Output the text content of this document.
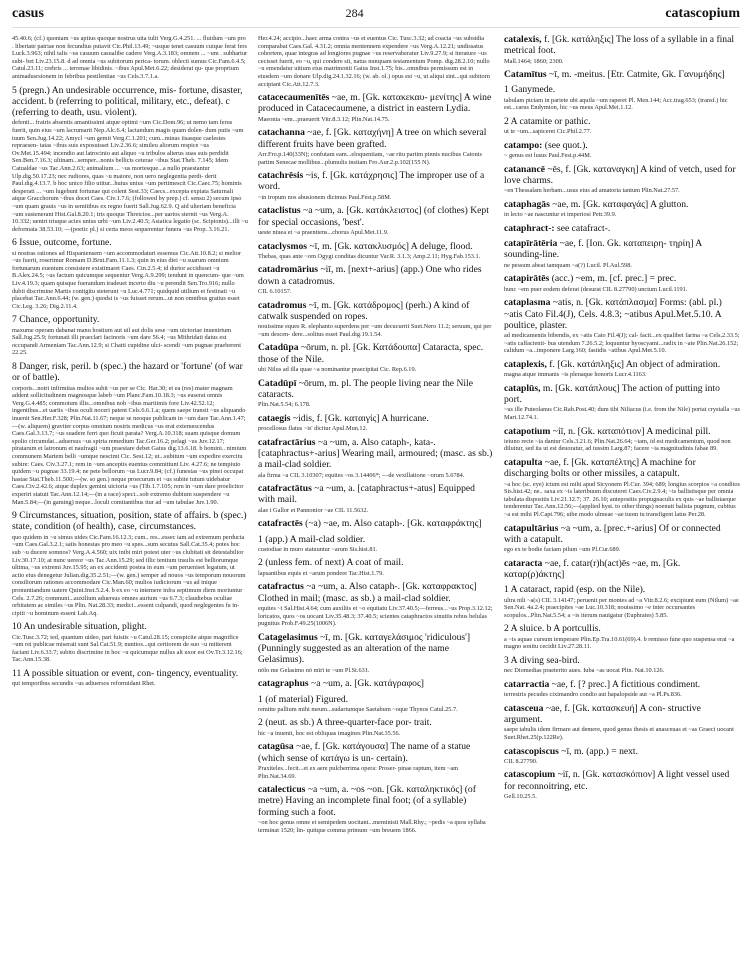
casus	284	catascopium
45.40.6; (cf.) quoniam ~us aptius quoque nostrus uita tulit Verg.G.4.251. ... fluidum ~um pro . libertate patriae non fecundius putavit Cic.Phil.13.49; ~usque tenet casuum cuique ferat fers Luck.3.963; nihil talis ~us casuum casualibe cadere Verg.A.3.183; omnem ... ~um . subhartur subi- bet Liv.23.15.8. d ad omnia ~us subitorum perica- torum. oblecti sumus Cic.Fam.6.4.5; Catul.23.11; crebris ... terrenae libidinis. ~ibus Apul.Met.6.22; desiderat qu- que proprium animadusrsionem in febribus pestilentiae ~us Cels.3.7.1.a.
5 (pregn.) An undesirable occurrence, mis- fortune, disaster, accident. b (referring to political, military, etc., defeat). c (referring to death, usu. violent).
defenti... fratris absentis amantissimi atque optimi ~um Cic.Dom.96; ut nemo tam ferus fuerit, quin eius ~um lacrumarit Nep.Alc.6.4; lactandum magis quam dolen- dum putis ~um tuum Sen.Jug.14.22; Amycl ~um gemit Verg.C.1.201; cum...minas iisasque caelestes repraesen- tatas ~ibus suis exposuisset Liv.2.36.6; simileu aliorum respice ~us Ov.Met.15.494; incendio aut latrocinio aut aliquo ~u tribulos alterus suas suis perdidit Sen.Ben.7.16.3; ultinam...semper...nonis bellicis ceterae ~ibus Stat.Theb. 7.145; Idem Catualdae ~us Tac.Ann.2.63; animalium ... ~us mortesque...a nullo praestantur Ulp.dig.50.17.23; nec rudiores, quas ~u maiore, non uero neglegentia perdi- derit Paul.dig.4.13.7. b hoc unico filio utitur...huius unius ~um pertimescit Cic.Caec.75; hominis desperati ... ~um lugebunt fortunae qui colent Sest.33; Caecs...excepta expiata Saturnali atque Gracchorum ~ibus docet Caes. Civ.1.7.6; (followed by prep.) cf. sensu 2) secum ipso ~um quam grauis ~us in semitibus ex regno fuerit Sall.Jug.62.9. Q aid ulteriam beneficia ~um sustenerant Hist.Gal.8.20.1; tris quoque Threicios...per uarios sternit ~us Verg.A. 10.332; uentri triuque acies unius urbi ~um Liv.2.40.5; Asiatica legatio (sc. Scipionis)...illi ~u deformata 38.53.10; —(poetic pl.) si certa meos sequerentur funera ~us Prop. 3.16.21.
6 Issue, outcome, fortune.
si nostras rationes ad Hispaniensem ~um accommodaturi essemus Cic.Att.10.8.2; si melior ~us fuerit, roserimur Romam D.Brut.Fam.11.1.3; quin in eius diei ~u suarum omnium fortunarum euentum consistere existimaret Caes. Cin.2.5.4; id durior accidisset ~u B.Alex.24.5; ~us factum quicumque sequentur Verg.A.9.299; tendunt in quencum- que ~um Liv.4.19.3; quam quisque fuerandum tradeuet incerto diu ~u perendit Sen.Tro.916; nullo dubii discrimine Martis contigitu steterunt ~u Luc.4.771; quidquid utilium et festinati ~u placebat Tac.Ann.6.44; (w. gen.) quodsi is ~us fuisset rerum...ut non omnibus gratius esset Cic.Leg. 3.26; Dig.2.11.4.
7 Chance, opportunity.
maxume operam dabanat manu hostium aut uil aut dolis sese ~um uictoriae inuenirtum Sall.Jug.25.9; fortunati illi praeclari facinoris ~um dare 56.4; ~us Mithridati datus est occupandi Armeniam Tac.Ann.12.9; si Chatti cupidine ulci- scendi ~um pugnae praeberent 22.25.
8 Danger, risk, peril. b (spec.) the hazard or 'fortune' (of war or of battle).
corporis...notri infirmitas multos subit ~us per se Cic. Har.30; et ea (res) mater magnam addent sollicitudinem magnosque labeb ~um Planc.Fam.10.18.3; ~us euserat omnis Verg.G.4.485; commotum illis...omnibus nob ~ibus maritimis fore Liv.42.52.12; ingentibus...et uariis ~ibus oculi noceri patent Cels.6.6.1.a; quem saepe transit ~us aliquando inuenit Sen.Her.F.328; Plin.Nat.11.67; neque se neoque publicam in ~um dare Tac.Ann.1.47; —(w. aliquem) graviter corpus omnium nostris medicus ~us erat extemescendus Caes.Gal.3.13.7; ~us suadere ferri quo ficuit parata? Verg.A.10.318; suam quisque domum spolio circumdat...aduersus ~us spiria remedium Tac.Ger.16.2; pelagi ~us Juv.12.17; piratarum et latronum et naufragii ~um praestare debet Gaius dig.13.6.18. b homini.. nimium communem Martem belli ~umque nescimt Cic. Sest.12; ut...subitum ~um expedire exercitu subire: Caes. Civ.3.27.1; rem in ~um anceptis euentus committunt Liv. 4.27.6; ne tempiuto quidem ~u pugnae 33.19.4; ne pete bellorum ~us Lucr.9.84; (cf.) funestas ~us pinei occupat hastae Stat.Theb.11.500;—(w. so gen.) neque proecurum et ~us subite tutum uidebatur Caes.Civ.2.42.6; atque duplex gemini uictoria ~us (Tib.1.7.105; rem in ~um dare proelicitor experiri statuit Tac.Ann.12.14;—(in a race) speci...sob extremo dubium suspendere ~u Man.5.84;—(in gaming) neque...loculi comitantibus itur ad ~um tabulae Juv.1.90.
9 Circumstances, situation, position, state of affairs. b (spec.) state, condition (of health), case, circumstances.
quo quidem in ~u simus uides Cic.Fam.16.12.3; cum.. res...essec iam ad extremum perducta ~um Caes.Gal.3.2.1; satis honestas pro meo ~u spes...sum secutus Sall.Cat.35.4; potes hoc sub ~u ducere somnos? Verg.A.4.560; uix inibi miri potest uter ~us clubitati sit detestabilior Liv.30.17.10; at nunc uereor ~us Tac.Ann.15.29; sed illic tentium insulis est belliorumque ultima, ~us extremi Juv.15.95; an ex accidenti postea in eum ~um perueniset legatum, ut actio eius denegetur Julian.dig.35.2.51;—(w. gen.) semper ad nouos ~us temporum nouorum consiliorum rationes accommodare Cic.Man.60; mulios iudiciorum ~us ad inique pronuntiandum uatere Quint.Inst.5.2.4. b ex eo ~u intemere infra septimum diem moriuntur Cels. 2.7.26; communi...auxilium aduersus omnes aurium ~us 6.7.3; claudiebus oculiae orbitatem ac similes ~us Plin. Nat.28.33; medici...essent culpandi, quod neglegentes fu in- cipiti ~u hominum essent Lab.Aq.
10 An undesirable situation, plight.
Cic.Tusc.3.72; ted, quantum uideo, pari fuistis ~u Catul.28.15; conspicite atque magnifice ~um rei publicae miserati sunt Sal.Cat.51.9; nuntios...qui certiorem de suo ~u mitterent faciant Liv.6.33.7; subito discrimine in hoc ~u quicumque nullus alt uxor est Ov.Tr.3.12.16; Tac.Ann.15.38.
11 A possible situation or event, con- tingency, eventuality.
qui temporibus secundis ~us adiuersos reformidant Rhet.
Her.4.24; accipio...haec arma contra ~us et euentus Cic. Tusc.3.32; ad coacta ~us subsidia comparabat Caes.Gal. 4.31.2; omnia mentennem expendere ~us Verg.A.12.21; undissatus cohortem, quae integras ad longiores pugnae ~us reservaberatur Liv.9.27.9; si iterature ~us cecisset fuerit, eo ~u, qui condere sit, natus nunquam testamentum Pomp. dig.28.2.10; nullo ~u emendatur uitium eius matrimonii Gaius Inst.1.75; bis...omnibus permissum est in eiusdem ~um donare Ulp.dig.24.1.32.16; (w. ab. ol.) opus est ~u, ut aliqui sint...qui subitorn accipiant Cic.Att.12.7.3.
catacecaumenītēs ~ae, m. [Gk. κατακεκαυ- μενίτης] A wine produced in Catacecaumene, a district in eastern Lydia.
Maeonia ~em...praeuerit Vitr.8.3.12; Plin.Nat.14.75.
catachanna ~ae, f. [Gk. καταχήνη] A tree on which several different fruits have been grafted.
Arr.Fro.p.140(33N); confutam eam...eloquentiam, ~ae ritu partim pinnis nucibus Catonis partim Senecae mollibus...plumulis insitam Fro.Aur.2.p.102(155 N).
catachrēsis ~is, f. [Gk. κατάχρησις] The improper use of a word.
~in tropum nos abusionem dicimus Paul.Fest.p.58M.
cataclistus ~a ~um, a. [Gk. κατάκλειστος] (of clothes) Kept for special occasions, 'best'.
ueste niuea et ~a praenitens...chorus Apul.Met.11.9.
cataclysmos ~ī, m. [Gk. κατακλυσμός] A deluge, flood.
Thebas, quas ante ~om Ogygi conditas dicuntur Var.R. 3.1.3; Amp.2.11; Hyg.Fab.153.1.
catadromārius ~iī, m. [next+-arius] (app.) One who rides down a catadromus.
CIL 6.10157.
catadromus ~ī, m. [Gk. κατάδρομος] (perh.) A kind of catwalk suspended on ropes.
nouissime eques R. elephanto superdens per ~um decucurrit Suet.Nero 11.2; seruum, qui per ~um descen- dere...solitus esset Paul.dig.19.1.54.
Catadūpa ~ōrum, n. pl. [Gk. Κατάδουπα] Cataracta, spec. those of the Nile.
ubi Nilus ad illa quae ~a nominantur praecipitat Cic. Rep.6.19.
Catadūpī ~ōrum, m. pl. The people living near the Nile cataracts.
Plin.Nat.5.54; 6.178.
cataegis ~idis, f. [Gk. καταιγίς] A hurricane.
procellosus flatus ~is' dicitur Apul.Mun.12.
catafractārius ~a ~um, a. Also cataph-, kata-. [cataphractus+-arius] Wearing mail, armoured; (masc. as sb.) a mail-clad soldier.
ala firma ~a CIL 3.10307; equites ~os 3.14406*; —de vexillatione ~orum 5.6784.
catafractātus ~a ~um, a. [cataphractus+-atus] Equipped with mail.
alae i Gallor et Pannonior ~ae CIL 11.5632.
catafractēs (~a) ~ae, m. Also cataph-. [Gk. καταφράκτης]
1 (app.) A mail-clad soldier.
custodiae in muro statuuntur ~arum Sis.hist.81.
2 (unless fem. of next) A coat of mail.
lapsantibus equis et ~arum pondere Tac.Hist.1.79.
catafractus ~a ~um, a. Also cataph-. [Gk. καταφρακτος] Clothed in mail; (masc. as sb.) a mail-clad soldier.
equites ~i Sal.Hist.4.64; cum auxiliis et ~o equitatu Liv.37.40.5;—ferreus...~us Prop.3.12.12; loricatos, quos ~os uocant Liv.35.48.3; 37.40.5; scientes cataphractos sinuitis rebus belulas pugnitus Prob.F.49.25(1006N).
Catagelasimus ~ī, m. [Gk. καταγελάσιμος 'ridiculous'] (Punningly suggested as an alteration of the name Gelasimus).
nōlo me Gelasimo nō mīrī te ~um Pl.St.631.
catagraphus ~a ~um, a. [Gk. κατάγραφος]
1 (of material) Figured.
remitte pallium mihi meum...sudariumque Saetabum ~oque Thynos Catul.25.7.
2 (neut. as sb.) A three-quarter-face por- trait.
hic ~a inuenit, hoc est obliquas imagines Plin.Nat.35.56.
catagūsa ~ae, f. [Gk. κατάγουσα] The name of a statue (which sense of κατάγω is un- certain).
Praxiteles...fecit...et ex aere pulcherrima opera: Proser- pinae raptum, item ~am Plin.Nat.34.69.
catalecticus ~a ~um, a. ~os ~on. [Gk. καταληκτικός] (of metre) Having an incomplete final foot; (of a syllable) forming such a foot.
~on hoc genus omne et semipedem uocitant...meministi Mall.Rhy.; ~pedis ~a quos syllaba terminat 1520; lin- quitque comma primum ~um breuem 1866.
catalexis, f. [Gk. κατάληξις] The loss of a syllable in a final metrical foot.
Mall.1464; 1860; 2300.
Catamītus ~ī, m. -meitus. [Etr. Catmite, Gk. Γανυμήδης]
1 Ganymede.
tabulam pictam in pariete ubi aquila ~um raperet Pl. Men.144; Acc.trag.653; (transf.) hic est...carus Endymion, hic ~us meus Apul.Met.1.12.
2 A catamite or pathic.
ut te ~um...sapiceret Cic.Phil.2.77.
catampo: (see quot.).
~ genus est lusus Paul.Fest.p.44M.
catanancē ~ēs, f. [Gk. καταναγκη] A kind of vetch, used for love charms.
~en Thessalam herbam...usus eius ad amatoria tantum Plin.Nat.27.57.
cataphagās ~ae, m. [Gk. καταφαγάς] A glutton.
in lecto ~ae nascuntur et imperiosi Petr.39.9.
cataphract-: see catafract-.
catapīrātēria ~ae, f. [Ion. Gk. καταπειρη- τηρίη] A sounding-line.
ne pessum abeat tamquam ~a(?) Lucil. Pl.Aul.598.
catapirātēs (acc.) ~em, m. [cf. prec.] = prec.
hunc ~em puer eodem deferat (desurat CIL 8.27790) unctum Lucil.1191.
cataplasma ~atis, n. [Gk. κατάπλασμα] Forms: (abl. pl.) ~atis Cato Fil.4(J), Cels. 4.8.3; ~atibus Apul.Met.5.10. A poultice, plaster.
ad medicamentis bibendis, ex ~atis Cato Fil.4(J); cal- facit...ex qualibet farina ~a Cels.2.33.5; ~atis calfacienti- bus utendum 7.26.5.2; loquuntur hyoscyami...radix in ~ate Plin.Nat.26.152; calidum ~a...imponere Larg.160; fastidis ~atibus Apul.Met.5.10.
cataplexis, f. [Gk. κατάπληξις] An object of admiration.
magna atque immanis ~is plenaque honoris Lucr.4.1163.
cataplūs, m. [Gk. κατάπλους] The action of putting into port.
~us ille Puteolanus Cic.Rab.Post.40; dum tibi Niliacus (i.e. from the Nile) portat crystalla ~us Mart.12.74.1.
catapotium ~iī, n. [Gk. καταπότιον] A medicinal pill.
ieiuno recte ~ia dantur Cels.3.21.6; Plin.Nat.26.64; ~iam, id est medicamentum, quod non diluitur, sed ita ut est deuoratur, ad tussim Larg.87; facere ~ia magnitudinis fabae 89.
catapulta ~ae, f. [Gk. καταπέλτης] A machine for discharging bolts or other missiles, a catapult.
~a hoc (sc. eye) ictum est mihi apud Sicyonem Pl.Cur. 394; 689; longius scorpios ~a conditos Sis.hist.42; ne.. saxa ex ~is lateribuum discuteret Caes.Civ.2.9.4; ~is ballistisque per omnia tabulata dispositis Liv.21.12.7; 37. 26.10; antepositis propugnaculis ex quis ~ae ballistaeque tenderentur Tac.Ann.12.56;—(applied hyst. to other things) noenuit balista pugnum, cubitus ~a est mihi Pl.Capt.796; uibe modo ulmeae ~ae tuom tu transfigent latus Per.28.
catapultārius ~a ~um, a. [prec.+-arius] Of or connected with a catapult.
ego ex te hodie faciam pilum ~um Pl.Cur.689.
cataracta ~ae, f. catar(r)h(act)ēs ~ae, m. [Gk. καταρ(ρ)άκτης]
1 A cataract, rapid (esp. on the Nile).
ultra nili ~a(s) CIL 3.14147; peruenit per montes ad ~a Vitr.8.2.6; excipiunt eum (Nilum) ~ae Sen.Nat. 4a.2.4; praecipites ~ae Luc.10.318; nouissimo ~e inter occursantes scopulos...Plin.Nat.5.54; a ~is iterum nauigatur (Euphrates) 5.85.
2 A sluice. b A portcullis.
a ~is aquae cursum temperare Plin.Ep.Tra.10.61(69).4. b remisso fune quo suspensa erat ~a magno sonitu cecidit Liv.27.28.11.
3 A diving sea-bird.
nec Diomedias praeterito aues. Iuba ~as uocat Plin. Nat.10.126.
catarractia ~ae, f. [? prec.] A fictitious condiment.
terrestris pecudes ciximandro condio aut hapalopside aut ~a Pl.Ps.836.
catasceua ~ae, f. [Gk. κατασκευή] A con- structive argument.
saepe tabulis idem firmare aut demere, quod genus thesis et anasceuas et ~as Graeci uocant Suet.Rhet.25(p.122Re).
catascopiscus ~ī, m. (app.) = next.
CIL 8.27790.
catascopium ~iī, n. [Gk. κατασκόπιον] A light vessel used for reconnoitring, etc.
Gell.10.25.5.
